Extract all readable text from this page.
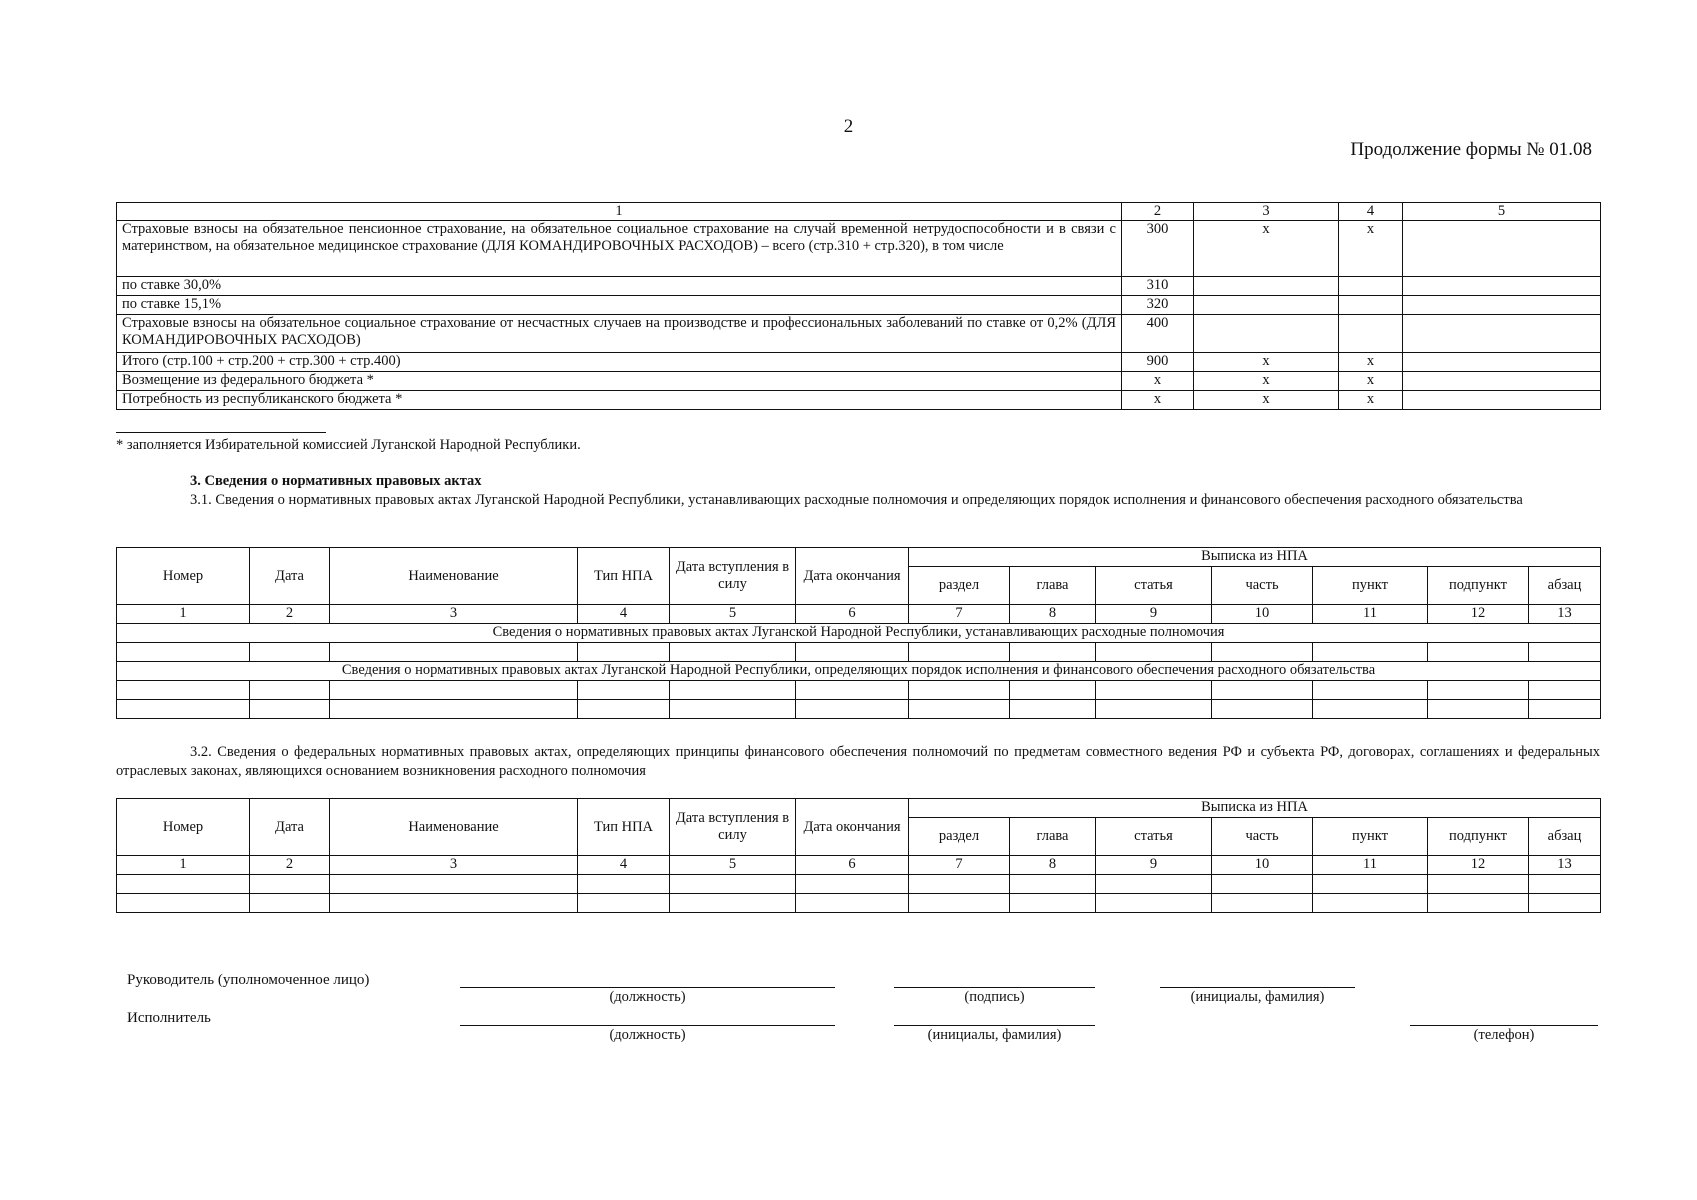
2
Продолжение формы № 01.08
1	2	3	4	5
Страховые взносы на обязательное пенсионное страхование, на обязательное социальное страхование на случай временной нетрудоспособности и в связи с материнством, на обязательное медицинское страхование (ДЛЯ КОМАНДИРОВОЧНЫХ РАСХОДОВ) – всего (стр.310 + стр.320), в том числе	300	х	х	
по ставке 30,0%	310			
по ставке 15,1%	320			
Страховые взносы на обязательное социальное страхование от несчастных случаев на производстве и профессиональных заболеваний по ставке от 0,2% (ДЛЯ КОМАНДИРОВОЧНЫХ РАСХОДОВ)	400			
Итого (стр.100 + стр.200 + стр.300 + стр.400)	900	х	х	
Возмещение из федерального бюджета *	х	х	х	
Потребность из республиканского бюджета *	х	х	х	
* заполняется Избирательной комиссией Луганской Народной Республики.
3. Сведения о нормативных правовых актах
3.1. Сведения о нормативных правовых актах Луганской Народной Республики, устанавливающих расходные полномочия и определяющих порядок исполнения и финансового обеспечения расходного обязательства
Номер	Дата	Наименование	Тип НПА	Дата вступления в силу	Дата окончания	Выписка из НПА						
						раздел	глава	статья	часть	пункт	подпункт	абзац
1	2	3	4	5	6	7	8	9	10	11	12	13
Сведения о нормативных правовых актах Луганской Народной Республики, устанавливающих расходные полномочия												

Сведения о нормативных правовых актах Луганской Народной Республики, определяющих порядок исполнения и финансового обеспечения расходного обязательства												

3.2. Сведения о федеральных нормативных правовых актах, определяющих принципы финансового обеспечения полномочий по предметам совместного ведения РФ и субъекта РФ, договорах, соглашениях и федеральных отраслевых законах, являющихся основанием возникновения расходного полномочия
Номер	Дата	Наименование	Тип НПА	Дата вступления в силу	Дата окончания	Выписка из НПА						
						раздел	глава	статья	часть	пункт	подпункт	абзац
1	2	3	4	5	6	7	8	9	10	11	12	13

Руководитель (уполномоченное лицо)
(должность)	(подпись)	(инициалы, фамилия)
Исполнитель
(должность)	(инициалы, фамилия)	(телефон)
